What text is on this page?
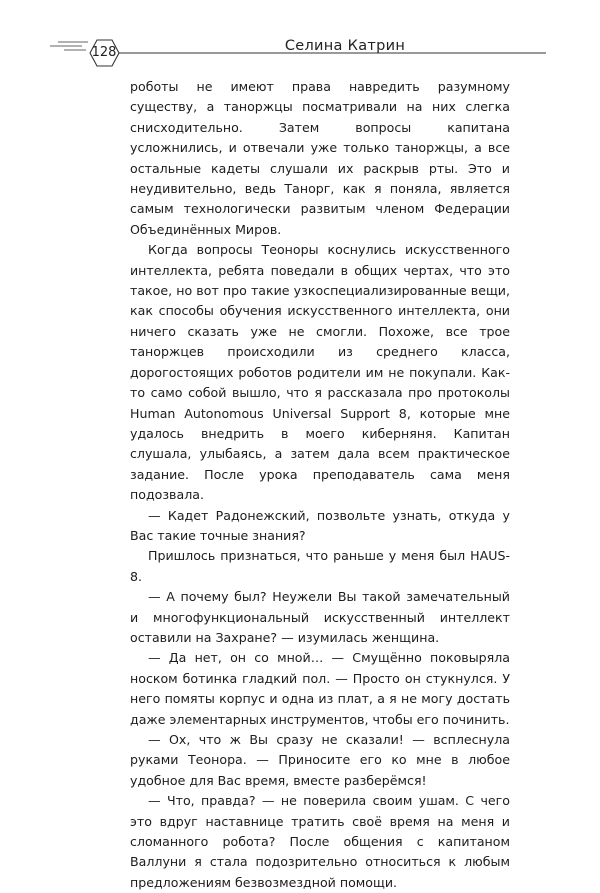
128	Селина Катрин

роботы не имеют права навредить разумному существу, а таноржцы посматривали на них слегка снисходительно. Затем вопросы капитана усложнились, и отвечали уже только таноржцы, а все остальные кадеты слушали их раскрыв рты. Это и неудивительно, ведь Танорг, как я поняла, является самым технологически развитым членом Федерации Объединённых Миров.

Когда вопросы Теоноры коснулись искусственного интеллекта, ребята поведали в общих чертах, что это такое, но вот про такие узкоспециализированные вещи, как способы обучения искусственного интеллекта, они ничего сказать уже не смогли. Похоже, все трое таноржцев происходили из среднего класса, дорогостоящих роботов родители им не покупали. Как-то само собой вышло, что я рассказала про протоколы Human Autonomous Universal Support 8, которые мне удалось внедрить в моего киберняня. Капитан слушала, улыбаясь, а затем дала всем практическое задание. После урока преподаватель сама меня подозвала.

— Кадет Радонежский, позвольте узнать, откуда у Вас такие точные знания?

Пришлось признаться, что раньше у меня был HAUS-8.

— А почему был? Неужели Вы такой замечательный и многофункциональный искусственный интеллект оставили на Захране? — изумилась женщина.

— Да нет, он со мной… — Смущённо поковыряла носком ботинка гладкий пол. — Просто он стукнулся. У него помяты корпус и одна из плат, а я не могу достать даже элементарных инструментов, чтобы его починить.

— Ох, что ж Вы сразу не сказали! — всплеснула руками Теонора. — Приносите его ко мне в любое удобное для Вас время, вместе разберёмся!

— Что, правда? — не поверила своим ушам. С чего это вдруг наставнице тратить своё время на меня и сломанного робота? После общения с капитаном Валлуни я стала подозрительно относиться к любым предложениям безвозмездной помощи.
